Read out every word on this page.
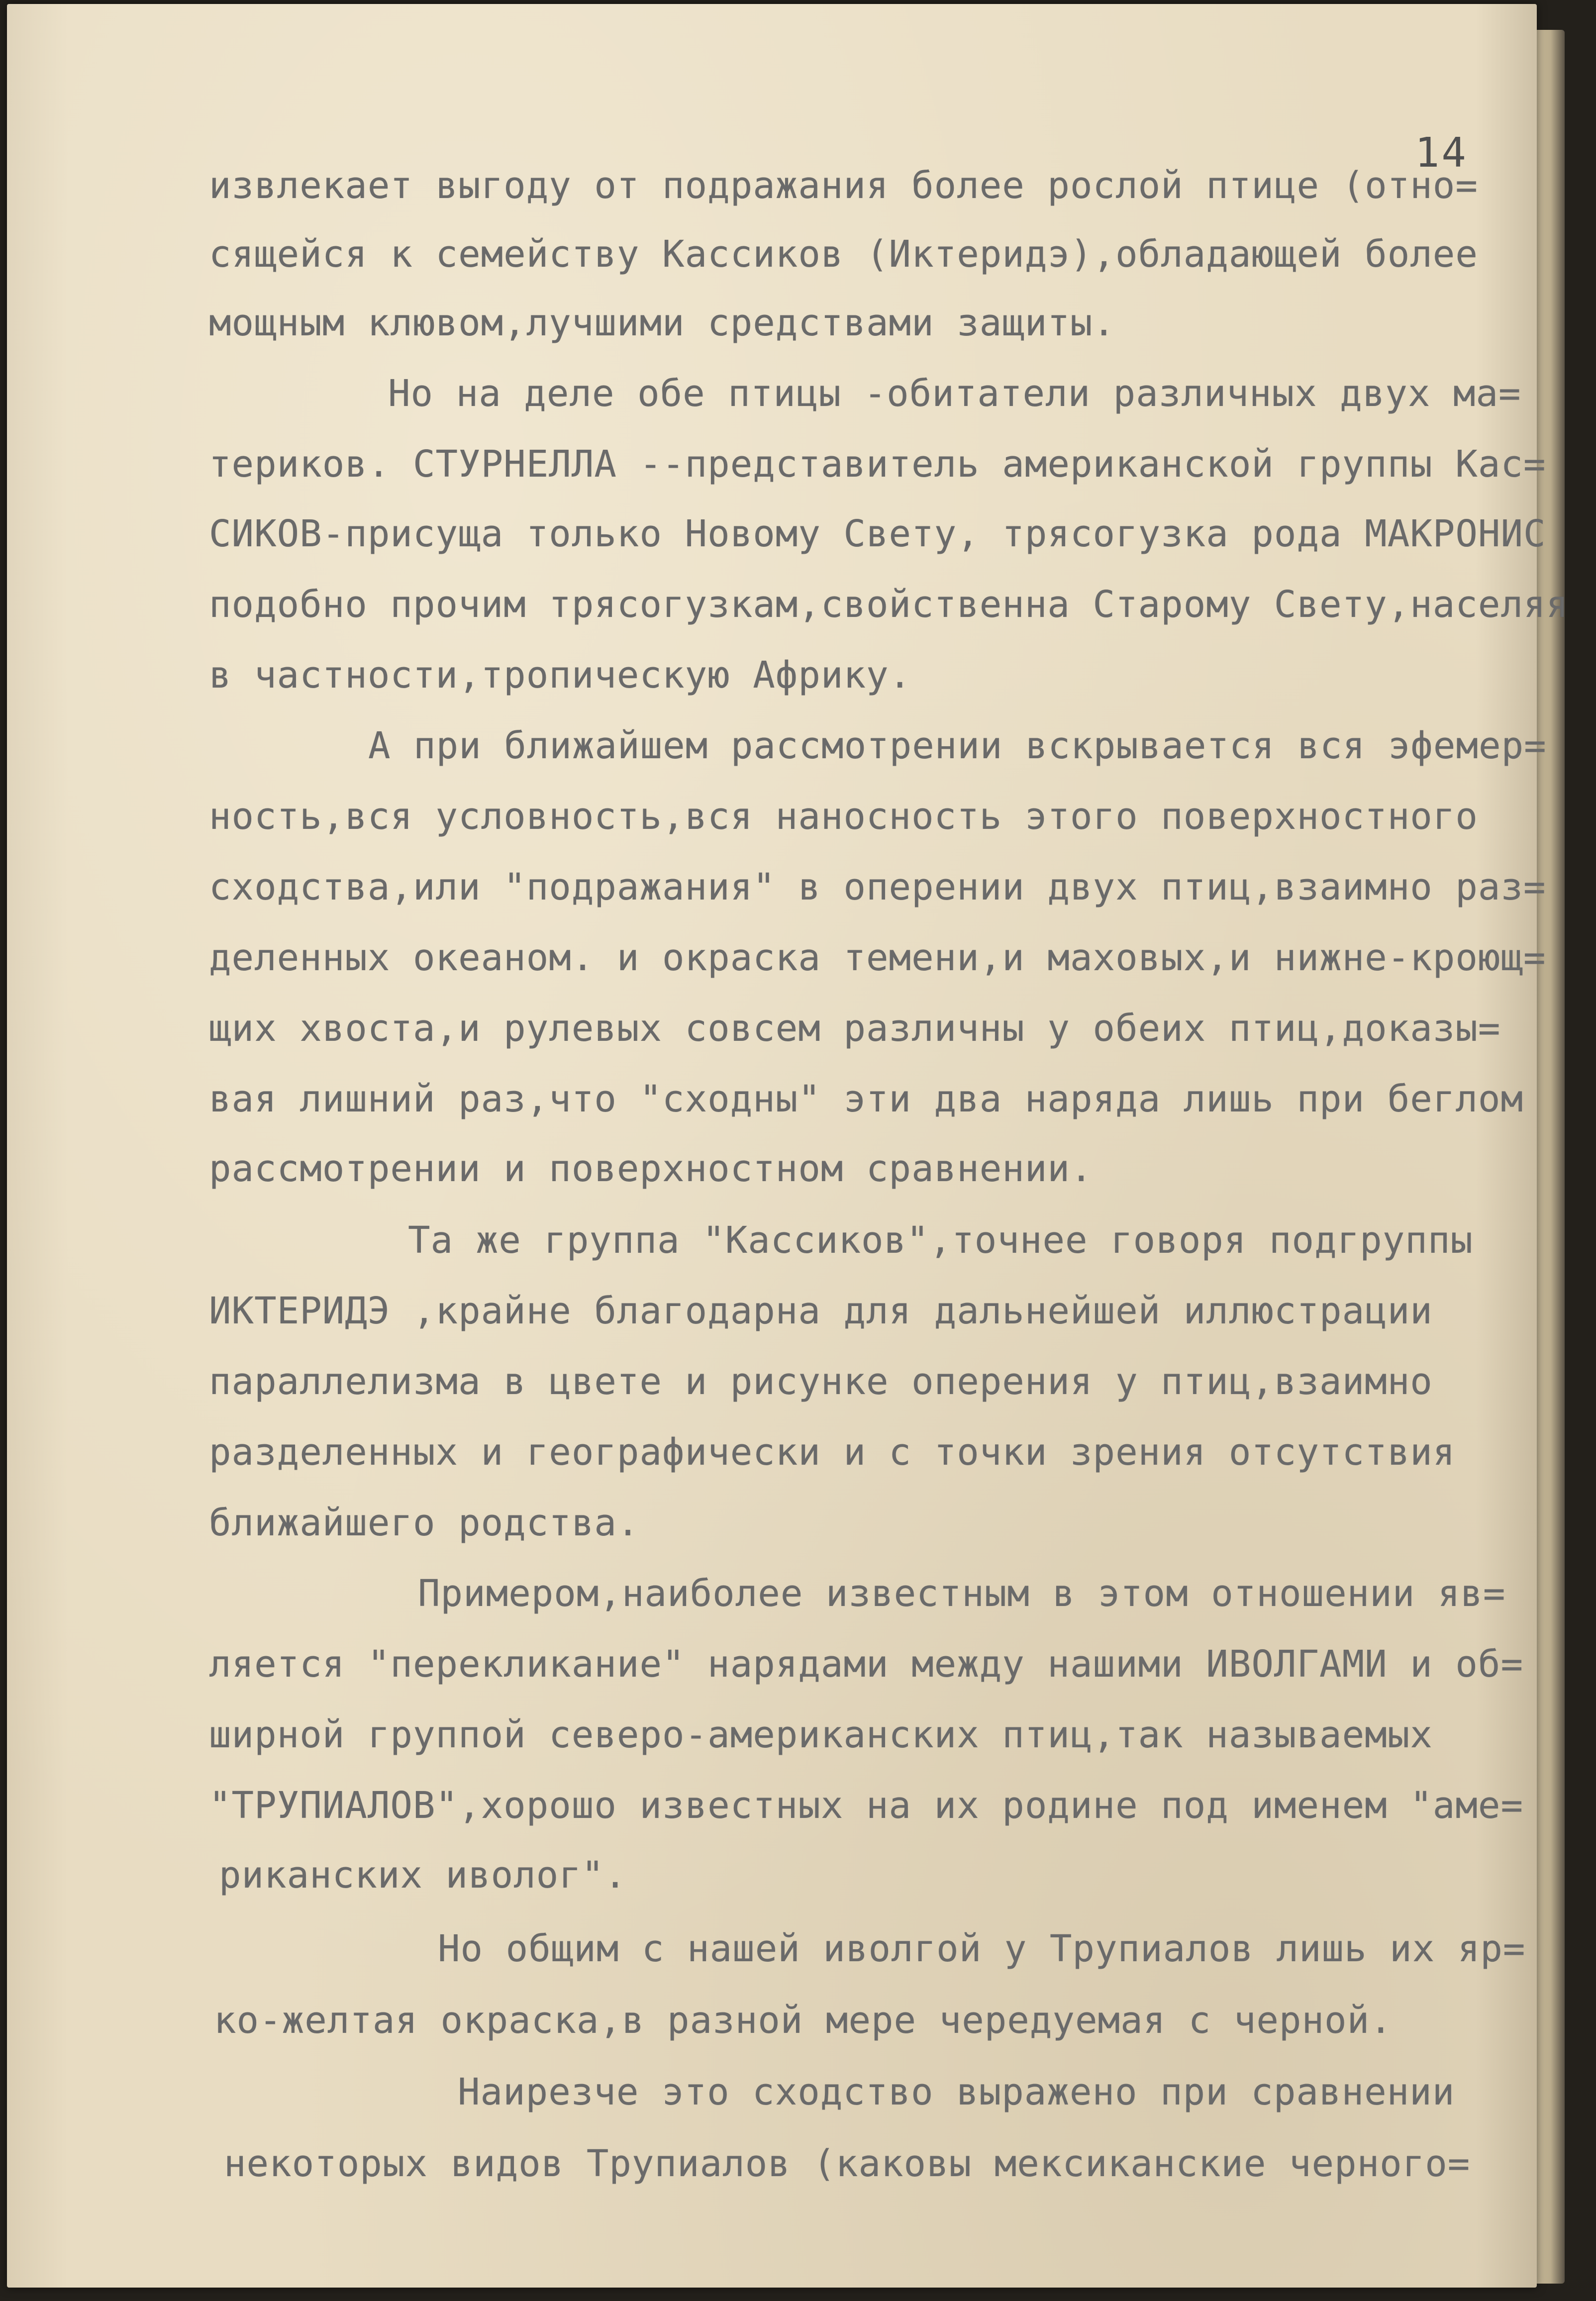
14
извлекает выгоду от подражания более рослой птице (отно=
сящейся к семейству Кассиков (Иктеридэ),обладающей более
мощным клювом,лучшими средствами защиты.
Но на деле обе птицы -обитатели различных двух ма=
териков. СТУРНЕЛЛА --представитель американской группы Кас=
СИКОВ-присуща только Новому Свету, трясогузка рода МАКРОНИС
подобно прочим трясогузкам,свойственна Старому Свету,населяя
в частности,тропическую Африку.
А при ближайшем рассмотрении вскрывается вся эфемер=
ность,вся условность,вся наносность этого поверхностного
сходства,или "подражания" в оперении двух птиц,взаимно раз=
деленных океаном. и окраска темени,и маховых,и нижне-кроющ=
щих хвоста,и рулевых совсем различны у обеих птиц,доказы=
вая лишний раз,что "сходны" эти два наряда лишь при беглом
рассмотрении и поверхностном сравнении.
Та же группа "Кассиков",точнее говоря подгруппы
ИКТЕРИДЭ ,крайне благодарна для дальнейшей иллюстрации
параллелизма в цвете и рисунке оперения у птиц,взаимно
разделенных и географически и с точки зрения отсутствия
ближайшего родства.
Примером,наиболее известным в этом отношении яв=
ляется "перекликание" нарядами между нашими ИВОЛГАМИ и об=
ширной группой северо-американских птиц,так называемых
"ТРУПИАЛОВ",хорошо известных на их родине под именем "аме=
риканских иволог".
Но общим с нашей иволгой у Трупиалов лишь их яр=
ко-желтая окраска,в разной мере чередуемая с черной.
Наирезче это сходство выражено при сравнении
некоторых видов Трупиалов (каковы мексиканские черного=
